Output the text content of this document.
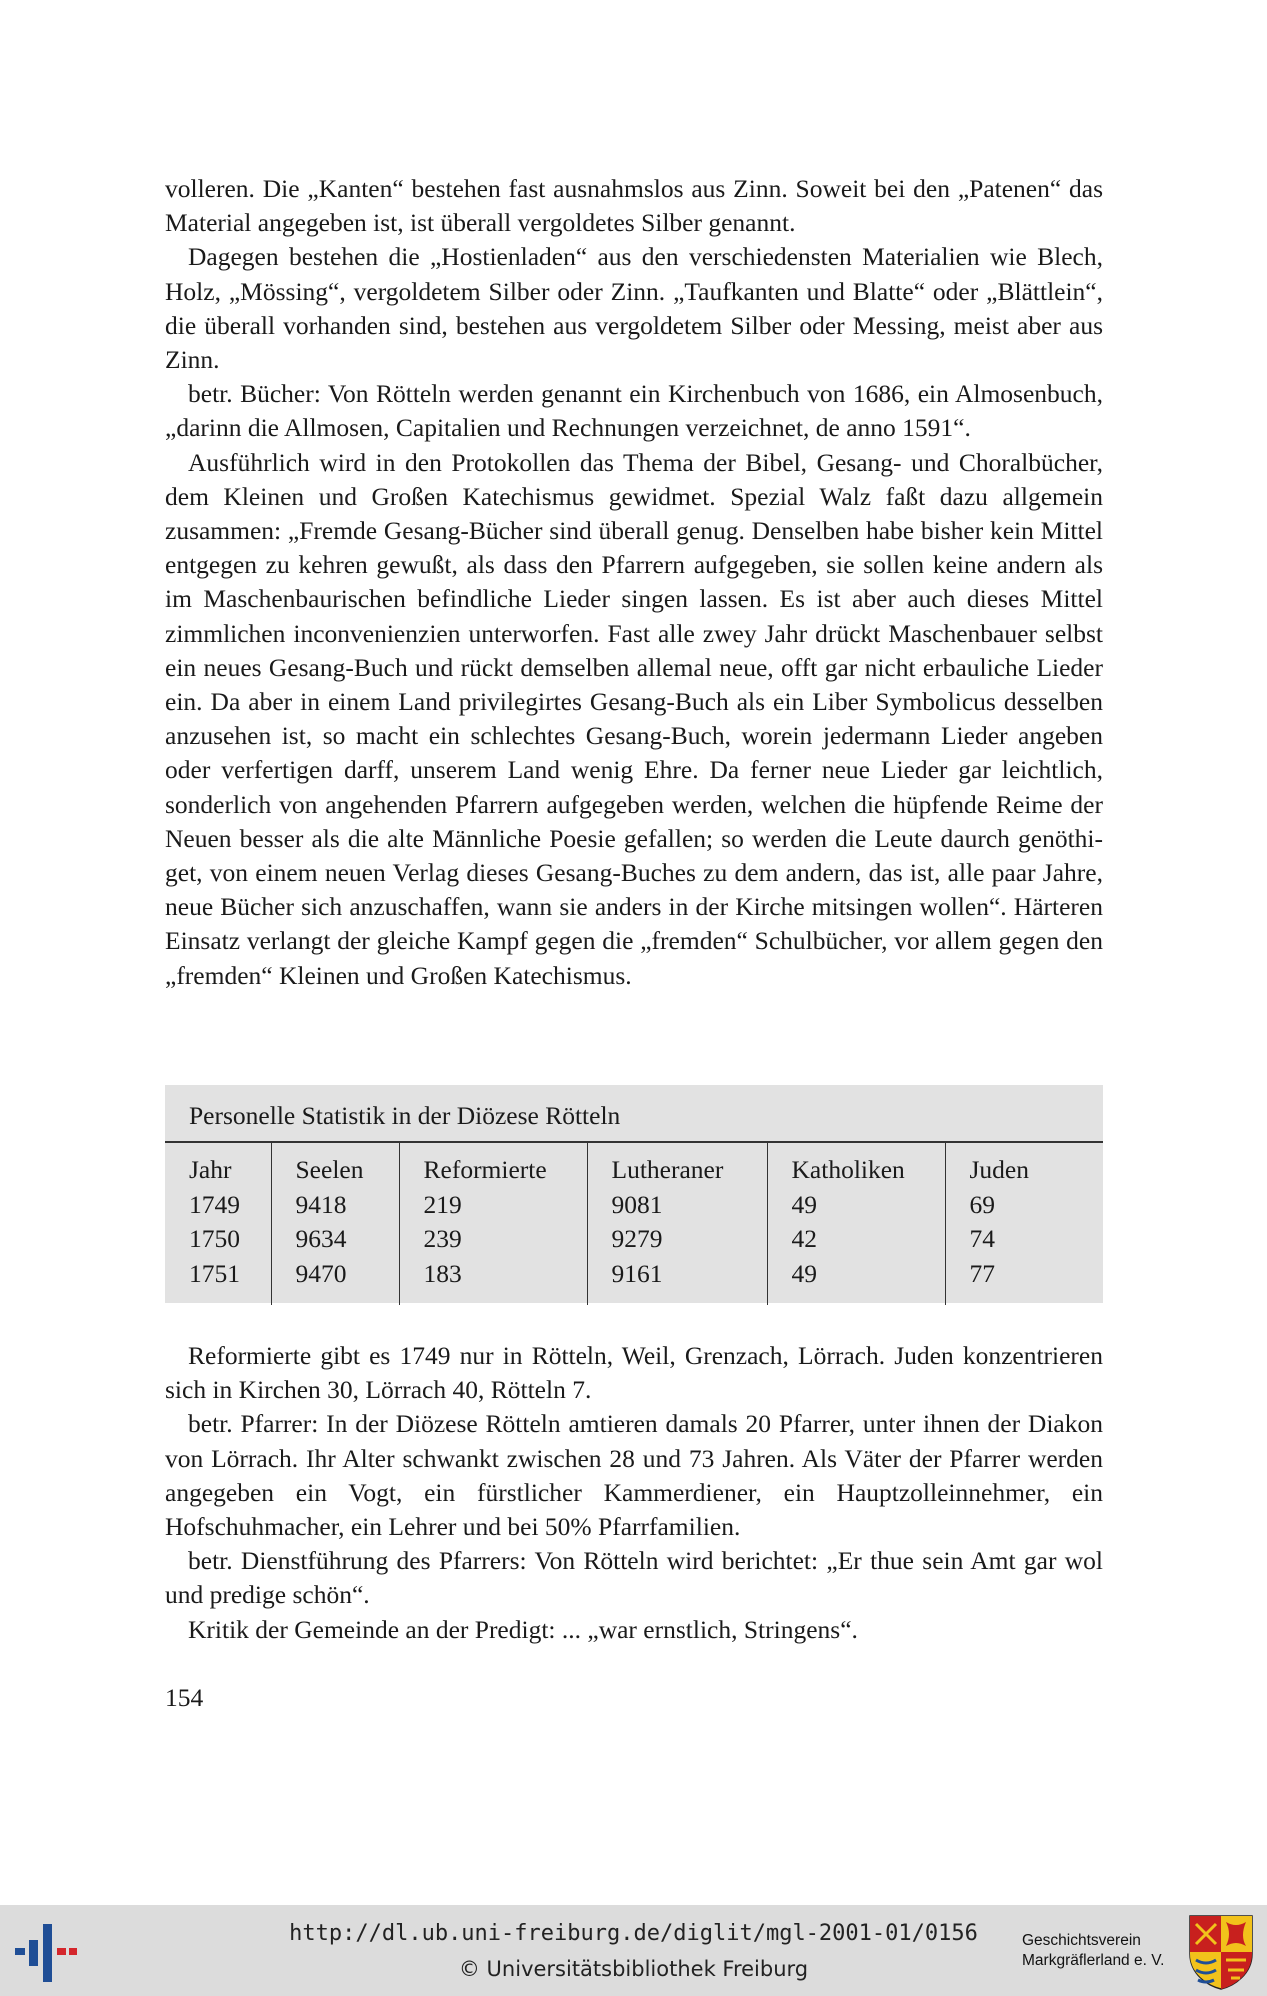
volleren. Die „Kanten“ bestehen fast ausnahmslos aus Zinn. Soweit bei den „Patenen“ das Material angegeben ist, ist überall vergoldetes Silber genannt.

Dagegen bestehen die „Hostienladen“ aus den verschiedensten Materialien wie Blech, Holz, „Mössing“, vergoldetem Silber oder Zinn. „Taufkanten und Blatte“ oder „Blättlein“, die überall vorhanden sind, bestehen aus vergoldetem Silber oder Messing, meist aber aus Zinn.

betr. Bücher: Von Rötteln werden genannt ein Kirchenbuch von 1686, ein Almosenbuch, „darinn die Allmosen, Capitalien und Rechnungen verzeichnet, de anno 1591“.

Ausführlich wird in den Protokollen das Thema der Bibel, Gesang- und Choralbücher, dem Kleinen und Großen Katechismus gewidmet. Spezial Walz faßt dazu allgemein zusammen: „Fremde Gesang-Bücher sind überall genug. Denselben habe bisher kein Mittel entgegen zu kehren gewußt, als dass den Pfarrern aufgegeben, sie sollen keine andern als im Maschenbaurischen befindliche Lieder singen lassen. Es ist aber auch dieses Mittel zimmlichen inconvenienzien unterworfen. Fast alle zwey Jahr drückt Maschenbauer selbst ein neues Gesang-Buch und rückt demselben allemal neue, offt gar nicht erbauliche Lieder ein. Da aber in einem Land privilegirtes Gesang-Buch als ein Liber Symbolicus desselben anzusehen ist, so macht ein schlechtes Gesang-Buch, worein jedermann Lieder angeben oder verfertigen darff, unserem Land wenig Ehre. Da ferner neue Lieder gar leichtlich, sonderlich von angehenden Pfarrern aufgegeben werden, welchen die hüpfende Reime der Neuen besser als die alte Männliche Poesie gefallen; so werden die Leute daurch genöthiget, von einem neuen Verlag dieses Gesang-Buches zu dem andern, das ist, alle paar Jahre, neue Bücher sich anzuschaffen, wann sie anders in der Kirche mitsingen wollen“. Härteren Einsatz verlangt der gleiche Kampf gegen die „fremden“ Schulbücher, vor allem gegen den „fremden“ Kleinen und Großen Katechismus.

Personelle Statistik in der Diözese Rötteln
Jahr	Seelen	Reformierte	Lutheraner	Katholiken	Juden
1749	9418	219	9081	49	69
1750	9634	239	9279	42	74
1751	9470	183	9161	49	77

Reformierte gibt es 1749 nur in Rötteln, Weil, Grenzach, Lörrach. Juden konzentrieren sich in Kirchen 30, Lörrach 40, Rötteln 7.

betr. Pfarrer: In der Diözese Rötteln amtieren damals 20 Pfarrer, unter ihnen der Diakon von Lörrach. Ihr Alter schwankt zwischen 28 und 73 Jahren. Als Väter der Pfarrer werden angegeben ein Vogt, ein fürstlicher Kammerdiener, ein Hauptzolleinnehmer, ein Hofschuhmacher, ein Lehrer und bei 50% Pfarrfamilien.

betr. Dienstführung des Pfarrers: Von Rötteln wird berichtet: „Er thue sein Amt gar wol und predige schön“.

Kritik der Gemeinde an der Predigt: ... „war ernstlich, Stringens“.

154
http://dl.ub.uni-freiburg.de/diglit/mgl-2001-01/0156
© Universitätsbibliothek Freiburg
Geschichtsverein
Markgräflerland e. V.
